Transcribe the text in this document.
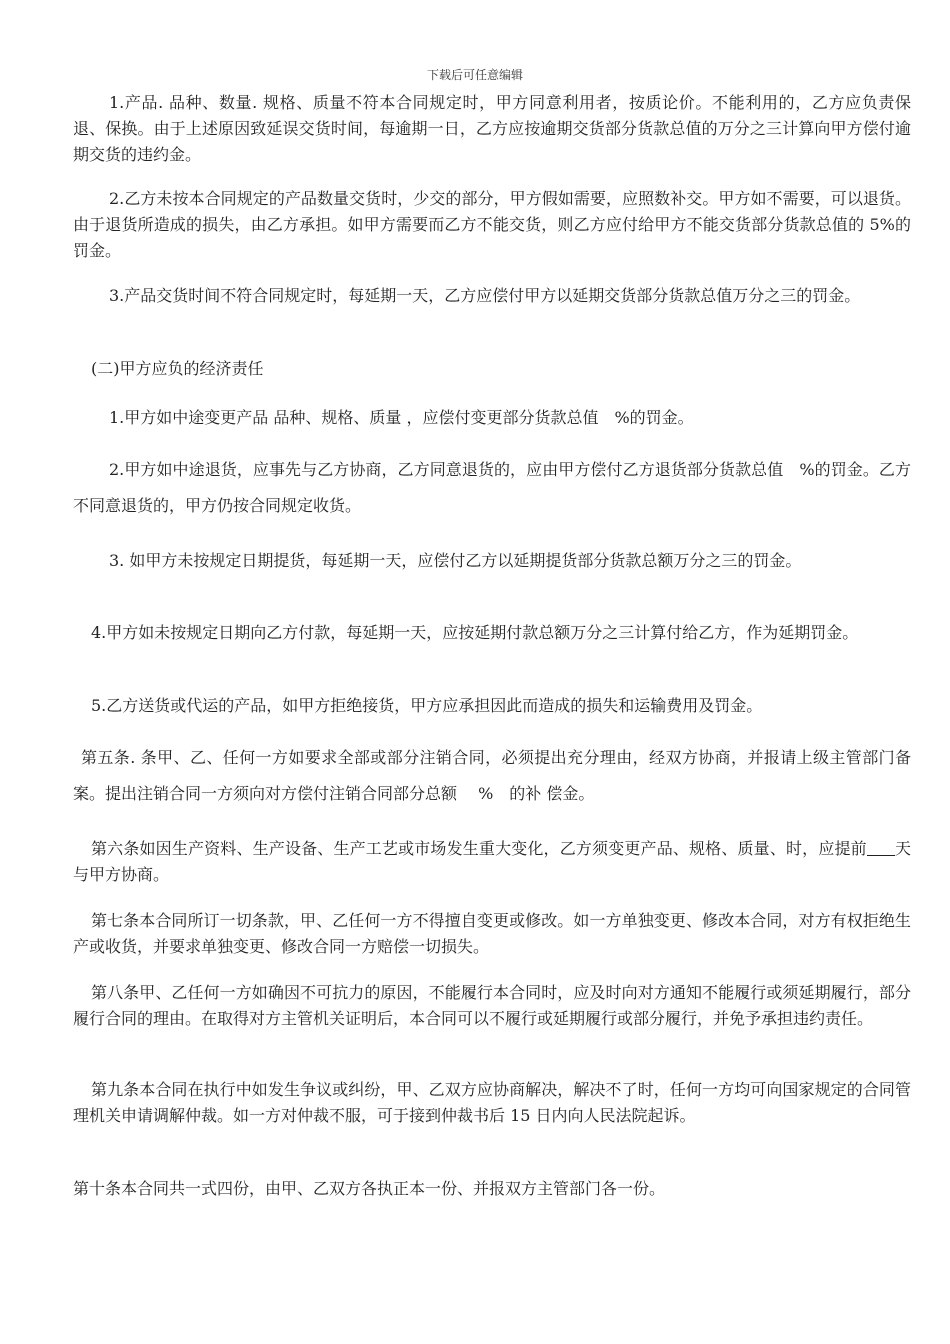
下载后可任意编辑

1.产品. 品种、数量. 规格、质量不符本合同规定时，甲方同意利用者，按质论价。不能利用的，乙方应负责保退、保换。由于上述原因致延误交货时间，每逾期一日，乙方应按逾期交货部分货款总值的万分之三计算向甲方偿付逾期交货的违约金。

2.乙方未按本合同规定的产品数量交货时，少交的部分，甲方假如需要，应照数补交。甲方如不需要，可以退货。由于退货所造成的损失，由乙方承担。如甲方需要而乙方不能交货，则乙方应付给甲方不能交货部分货款总值的 5%的罚金。

3.产品交货时间不符合同规定时，每延期一天，乙方应偿付甲方以延期交货部分货款总值万分之三的罚金。

(二)甲方应负的经济责任

1.甲方如中途变更产品 品种、规格、质量 ，应偿付变更部分货款总值　%的罚金。

2.甲方如中途退货，应事先与乙方协商，乙方同意退货的，应由甲方偿付乙方退货部分货款总值　%的罚金。乙方不同意退货的，甲方仍按合同规定收货。

3. 如甲方未按规定日期提货，每延期一天，应偿付乙方以延期提货部分货款总额万分之三的罚金。

4.甲方如未按规定日期向乙方付款，每延期一天，应按延期付款总额万分之三计算付给乙方，作为延期罚金。

5.乙方送货或代运的产品，如甲方拒绝接货，甲方应承担因此而造成的损失和运输费用及罚金。

第五条. 条甲、乙、任何一方如要求全部或部分注销合同，必须提出充分理由，经双方协商，并报请上级主管部门备案。提出注销合同一方须向对方偿付注销合同部分总额　 %　的补 偿金。

第六条如因生产资料、生产设备、生产工艺或市场发生重大变化，乙方须变更产品、规格、质量、时，应提前 天与甲方协商。

第七条本合同所订一切条款，甲、乙任何一方不得擅自变更或修改。如一方单独变更、修改本合同，对方有权拒绝生产或收货，并要求单独变更、修改合同一方赔偿一切损失。

第八条甲、乙任何一方如确因不可抗力的原因，不能履行本合同时，应及时向对方通知不能履行或须延期履行，部分履行合同的理由。在取得对方主管机关证明后，本合同可以不履行或延期履行或部分履行，并免予承担违约责任。

第九条本合同在执行中如发生争议或纠纷，甲、乙双方应协商解决，解决不了时，任何一方均可向国家规定的合同管理机关申请调解仲裁。如一方对仲裁不服，可于接到仲裁书后 15 日内向人民法院起诉。

第十条本合同共一式四份，由甲、乙双方各执正本一份、并报双方主管部门各一份。
